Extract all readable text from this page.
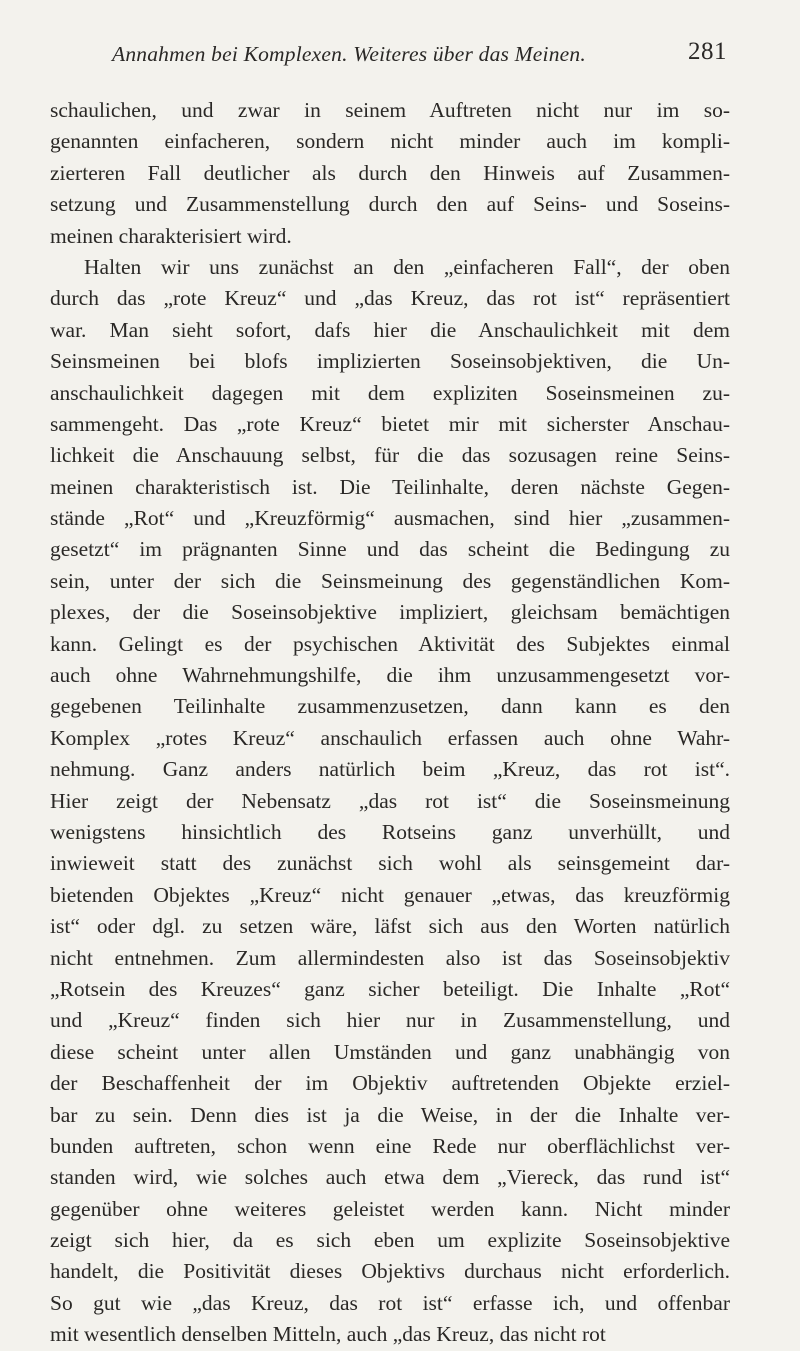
Annahmen bei Komplexen. Weiteres über das Meinen.	281
schaulichen, und zwar in seinem Auftreten nicht nur im so-
genannten einfacheren, sondern nicht minder auch im kompli-
zierteren Fall deutlicher als durch den Hinweis auf Zusammen-
setzung und Zusammenstellung durch den auf Seins- und Soseins-
meinen charakterisiert wird.
Halten wir uns zunächst an den „einfacheren Fall“, der oben
durch das „rote Kreuz“ und „das Kreuz, das rot ist“ repräsentiert
war. Man sieht sofort, dafs hier die Anschaulichkeit mit dem
Seinsmeinen bei blofs implizierten Soseinsobjektiven, die Un-
anschaulichkeit dagegen mit dem expliziten Soseinsmeinen zu-
sammengeht. Das „rote Kreuz“ bietet mir mit sicherster Anschau-
lichkeit die Anschauung selbst, für die das sozusagen reine Seins-
meinen charakteristisch ist. Die Teilinhalte, deren nächste Gegen-
stände „Rot“ und „Kreuzförmig“ ausmachen, sind hier „zusammen-
gesetzt“ im prägnanten Sinne und das scheint die Bedingung zu
sein, unter der sich die Seinsmeinung des gegenständlichen Kom-
plexes, der die Soseinsobjektive impliziert, gleichsam bemächtigen
kann. Gelingt es der psychischen Aktivität des Subjektes einmal
auch ohne Wahrnehmungshilfe, die ihm unzusammengesetzt vor-
gegebenen Teilinhalte zusammenzusetzen, dann kann es den
Komplex „rotes Kreuz“ anschaulich erfassen auch ohne Wahr-
nehmung. Ganz anders natürlich beim „Kreuz, das rot ist“.
Hier zeigt der Nebensatz „das rot ist“ die Soseinsmeinung
wenigstens hinsichtlich des Rotseins ganz unverhüllt, und
inwieweit statt des zunächst sich wohl als seinsgemeint dar-
bietenden Objektes „Kreuz“ nicht genauer „etwas, das kreuzförmig
ist“ oder dgl. zu setzen wäre, läfst sich aus den Worten natürlich
nicht entnehmen. Zum allermindesten also ist das Soseinsobjektiv
„Rotsein des Kreuzes“ ganz sicher beteiligt. Die Inhalte „Rot“
und „Kreuz“ finden sich hier nur in Zusammenstellung, und
diese scheint unter allen Umständen und ganz unabhängig von
der Beschaffenheit der im Objektiv auftretenden Objekte erziel-
bar zu sein. Denn dies ist ja die Weise, in der die Inhalte ver-
bunden auftreten, schon wenn eine Rede nur oberflächlichst ver-
standen wird, wie solches auch etwa dem „Viereck, das rund ist“
gegenüber ohne weiteres geleistet werden kann. Nicht minder
zeigt sich hier, da es sich eben um explizite Soseinsobjektive
handelt, die Positivität dieses Objektivs durchaus nicht erforderlich.
So gut wie „das Kreuz, das rot ist“ erfasse ich, und offenbar
mit wesentlich denselben Mitteln, auch „das Kreuz, das nicht rot
